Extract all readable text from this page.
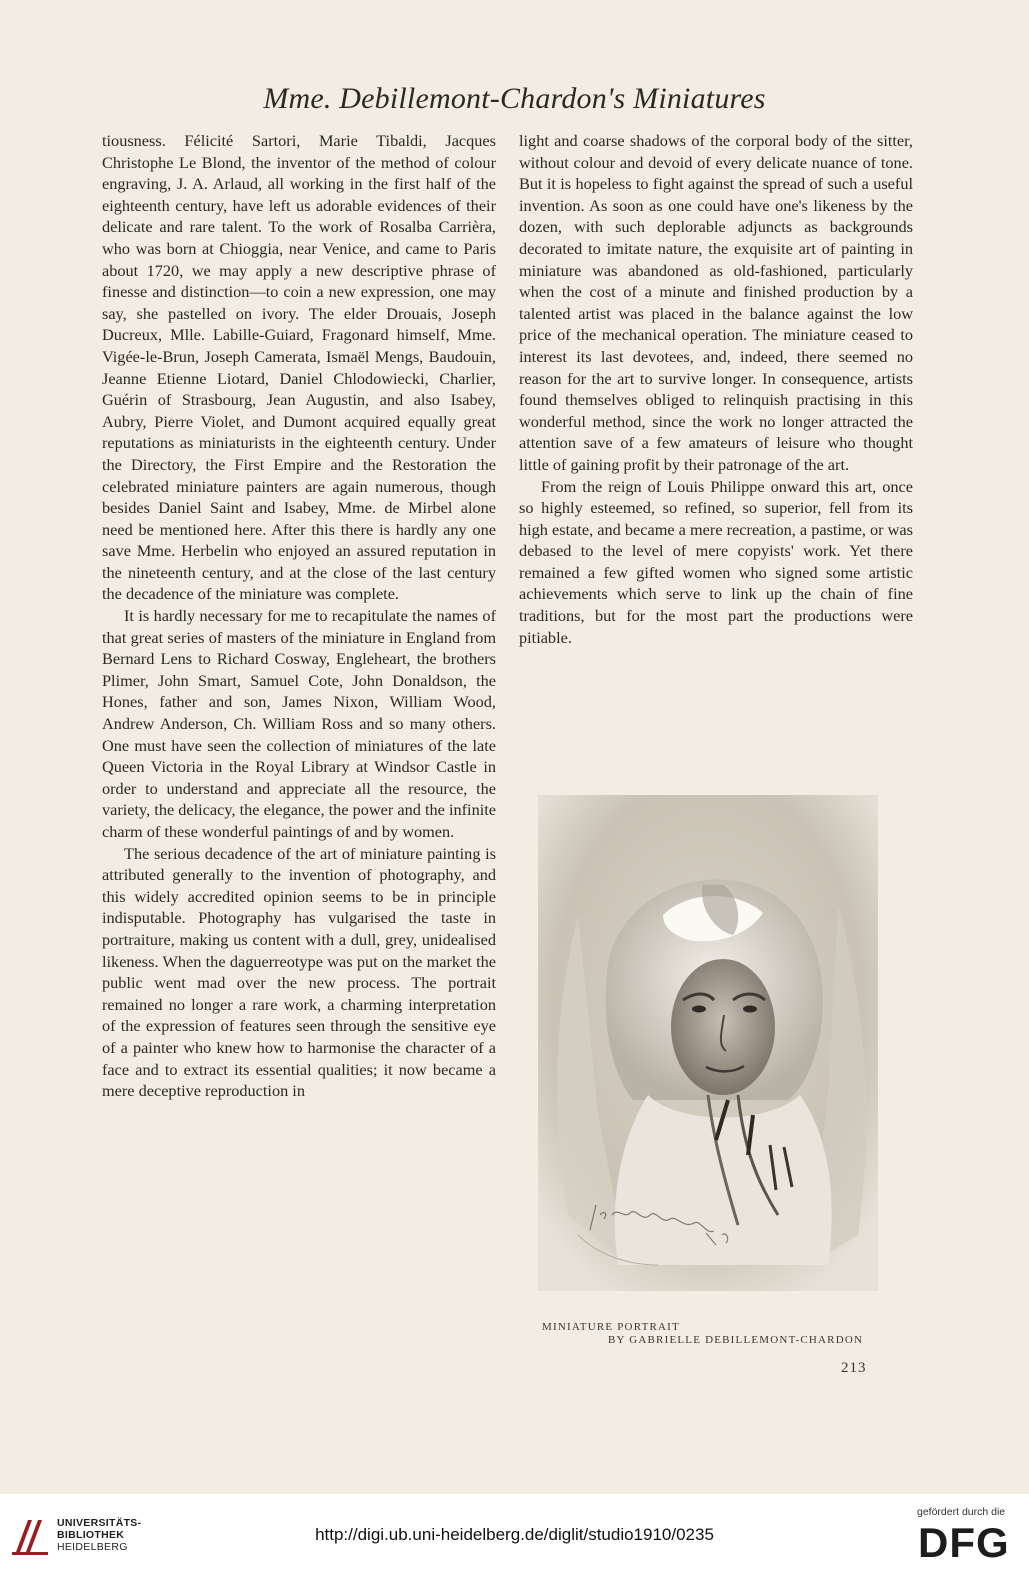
Mme. Debillemont-Chardon's Miniatures

tiousness. Félicité Sartori, Marie Tibaldi, Jacques Christophe Le Blond, the inventor of the method of colour engraving, J. A. Arlaud, all working in the first half of the eighteenth century, have left us adorable evidences of their delicate and rare talent. To the work of Rosalba Carrièra, who was born at Chioggia, near Venice, and came to Paris about 1720, we may apply a new descriptive phrase of finesse and distinction—to coin a new expression, one may say, she pastelled on ivory. The elder Drouais, Joseph Ducreux, Mlle. Labille-Guiard, Fragonard himself, Mme. Vigée-le-Brun, Joseph Camerata, Ismaël Mengs, Baudouin, Jeanne Etienne Liotard, Daniel Chlodowiecki, Charlier, Guérin of Strasbourg, Jean Augustin, and also Isabey, Aubry, Pierre Violet, and Dumont acquired equally great reputations as miniaturists in the eighteenth century. Under the Directory, the First Empire and the Restoration the celebrated miniature painters are again numerous, though besides Daniel Saint and Isabey, Mme. de Mirbel alone need be mentioned here. After this there is hardly any one save Mme. Herbelin who enjoyed an assured reputation in the nineteenth century, and at the close of the last century the decadence of the miniature was complete.

It is hardly necessary for me to recapitulate the names of that great series of masters of the miniature in England from Bernard Lens to Richard Cosway, Engleheart, the brothers Plimer, John Smart, Samuel Cote, John Donaldson, the Hones, father and son, James Nixon, William Wood, Andrew Anderson, Ch. William Ross and so many others. One must have seen the collection of miniatures of the late Queen Victoria in the Royal Library at Windsor Castle in order to understand and appreciate all the resource, the variety, the delicacy, the elegance, the power and the infinite charm of these wonderful paintings of and by women.

The serious decadence of the art of miniature painting is attributed generally to the invention of photography, and this widely accredited opinion seems to be in principle indisputable. Photography has vulgarised the taste in portraiture, making us content with a dull, grey, unidealised likeness. When the daguerreotype was put on the market the public went mad over the new process. The portrait remained no longer a rare work, a charming interpretation of the expression of features seen through the sensitive eye of a painter who knew how to harmonise the character of a face and to extract its essential qualities; it now became a mere deceptive reproduction in

light and coarse shadows of the corporal body of the sitter, without colour and devoid of every delicate nuance of tone. But it is hopeless to fight against the spread of such a useful invention. As soon as one could have one's likeness by the dozen, with such deplorable adjuncts as backgrounds decorated to imitate nature, the exquisite art of painting in miniature was abandoned as old-fashioned, particularly when the cost of a minute and finished production by a talented artist was placed in the balance against the low price of the mechanical operation. The miniature ceased to interest its last devotees, and, indeed, there seemed no reason for the art to survive longer. In consequence, artists found themselves obliged to relinquish practising in this wonderful method, since the work no longer attracted the attention save of a few amateurs of leisure who thought little of gaining profit by their patronage of the art.

From the reign of Louis Philippe onward this art, once so highly esteemed, so refined, so superior, fell from its high estate, and became a mere recreation, a pastime, or was debased to the level of mere copyists' work. Yet there remained a few gifted women who signed some artistic achievements which serve to link up the chain of fine traditions, but for the most part the productions were pitiable.

MINIATURE PORTRAIT
BY GABRIELLE DEBILLEMONT-CHARDON
213
UNIVERSITÄTS-
BIBLIOTHEK
HEIDELBERG
http://digi.ub.uni-heidelberg.de/diglit/studio1910/0235
gefördert durch die
DFG
